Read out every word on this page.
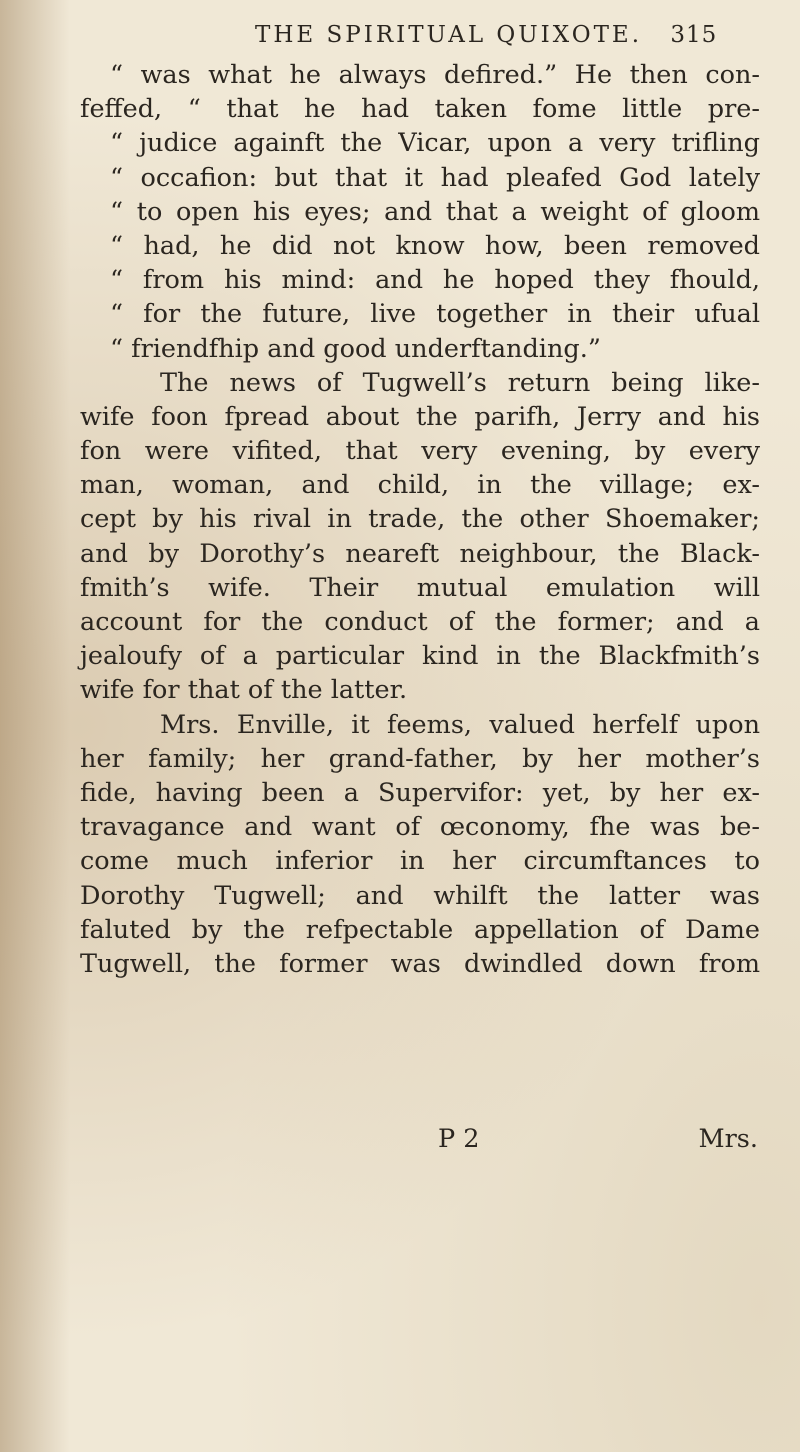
THE SPIRITUAL QUIXOTE. 315
“ was what he always defired.” He then con-
feffed, “ that he had taken fome little pre-
“ judice againft the Vicar, upon a very trifling
“ occafion: but that it had pleafed God lately
“ to open his eyes; and that a weight of gloom
“ had, he did not know how, been removed
“ from his mind: and he hoped they fhould,
“ for the future, live together in their ufual
“ friendfhip and good underftanding.”
The news of Tugwell’s return being like-
wife foon fpread about the parifh, Jerry and his
fon were vifited, that very evening, by every
man, woman, and child, in the village; ex-
cept by his rival in trade, the other Shoemaker;
and by Dorothy’s neareft neighbour, the Black-
fmith’s wife. Their mutual emulation will
account for the conduct of the former; and a
jealoufy of a particular kind in the Blackfmith’s
wife for that of the latter.
Mrs. Enville, it feems, valued herfelf upon
her family; her grand-father, by her mother’s
fide, having been a Supervifor: yet, by her ex-
travagance and want of œconomy, fhe was be-
come much inferior in her circumftances to
Dorothy Tugwell; and whilft the latter was
faluted by the refpectable appellation of Dame
Tugwell, the former was dwindled down from
P 2	Mrs.
